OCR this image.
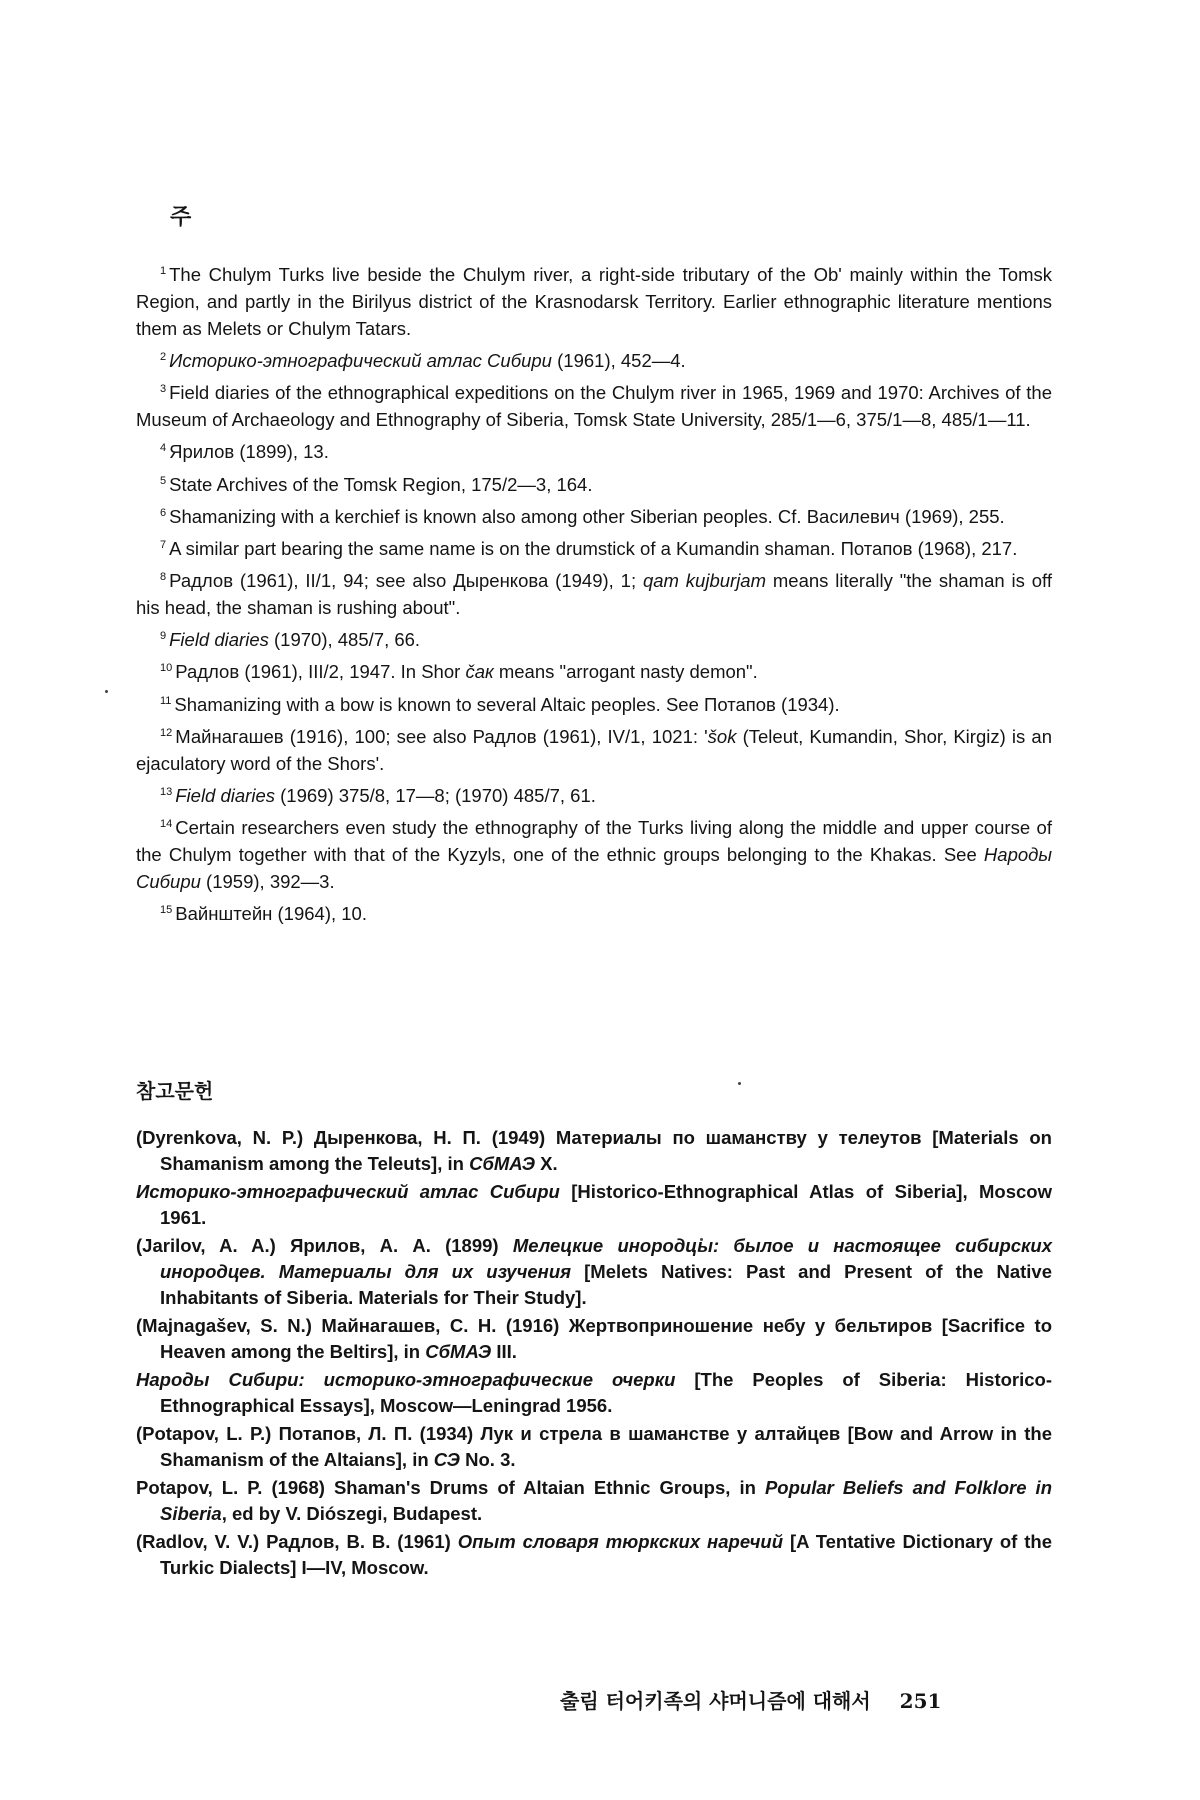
주

$^1$ The Chulym Turks live beside the Chulym river, a right-side tributary of the Ob' mainly within the Tomsk Region, and partly in the Birilyus district of the Krasnodarsk Territory. Earlier ethnographic literature mentions them as Melets or Chulym Tatars.

$^2$ Историко-этнографический атлас Сибири (1961), 452—4.

$^3$ Field diaries of the ethnographical expeditions on the Chulym river in 1965, 1969 and 1970: Archives of the Museum of Archaeology and Ethnography of Siberia, Tomsk State University, 285/1—6, 375/1—8, 485/1—11.

$^4$ Ярилов (1899), 13.

$^5$ State Archives of the Tomsk Region, 175/2—3, 164.

$^6$ Shamanizing with a kerchief is known also among other Siberian peoples. Cf. Василевич (1969), 255.

$^7$ A similar part bearing the same name is on the drumstick of a Kumandin shaman. Потапов (1968), 217.

$^8$ Радлов (1961), II/1, 94; see also Дыренкова (1949), 1; qam kujburjam means literally "the shaman is off his head, the shaman is rushing about".

$^9$ Field diaries (1970), 485/7, 66.

$^{10}$ Радлов (1961), III/2, 1947. In Shor čaк means "arrogant nasty demon".

$^{11}$ Shamanizing with a bow is known to several Altaic peoples. See Потапов (1934).

$^{12}$ Майнагашев (1916), 100; see also Радлов (1961), IV/1, 1021: 'šok (Teleut, Kumandin, Shor, Kirgiz) is an ejaculatory word of the Shors'.

$^{13}$ Field diaries (1969) 375/8, 17—8; (1970) 485/7, 61.

$^{14}$ Certain researchers even study the ethnography of the Turks living along the middle and upper course of the Chulym together with that of the Kyzyls, one of the ethnic groups belonging to the Khakas. See Народы Сибири (1959), 392—3.

$^{15}$ Вайнштейн (1964), 10.

참고문헌

(Dyrenkova, N. P.) Дыренкова, Н. П. (1949) Материалы по шаманству у телеутов [Materials on Shamanism among the Teleuts], in СбМАЭ X.

Историко-этнографический атлас Сибири [Historico-Ethnographical Atlas of Siberia], Moscow 1961.

(Jarilov, A. A.) Ярилов, А. А. (1899) Мелецкие инородцы: былое и настоящее сибирских инородцев. Материалы для их изучения [Melets Natives: Past and Present of the Native Inhabitants of Siberia. Materials for Their Study].

(Majnagašev, S. N.) Майнагашев, С. Н. (1916) Жертвоприношение небу у бельтиров [Sacrifice to Heaven among the Beltirs], in СбМАЭ III.

Народы Сибири: историко-этнографические очерки [The Peoples of Siberia: Historico-Ethnographical Essays], Moscow—Leningrad 1956.

(Potapov, L. P.) Потапов, Л. П. (1934) Лук и стрела в шаманстве у алтайцев [Bow and Arrow in the Shamanism of the Altaians], in СЭ No. 3.

Potapov, L. P. (1968) Shaman's Drums of Altaian Ethnic Groups, in Popular Beliefs and Folklore in Siberia, ed by V. Diószegi, Budapest.

(Radlov, V. V.) Радлов, В. В. (1961) Опыт словаря тюркских наречий [A Tentative Dictionary of the Turkic Dialects] I—IV, Moscow.

출림 터어키족의 샤머니즘에 대해서 251
